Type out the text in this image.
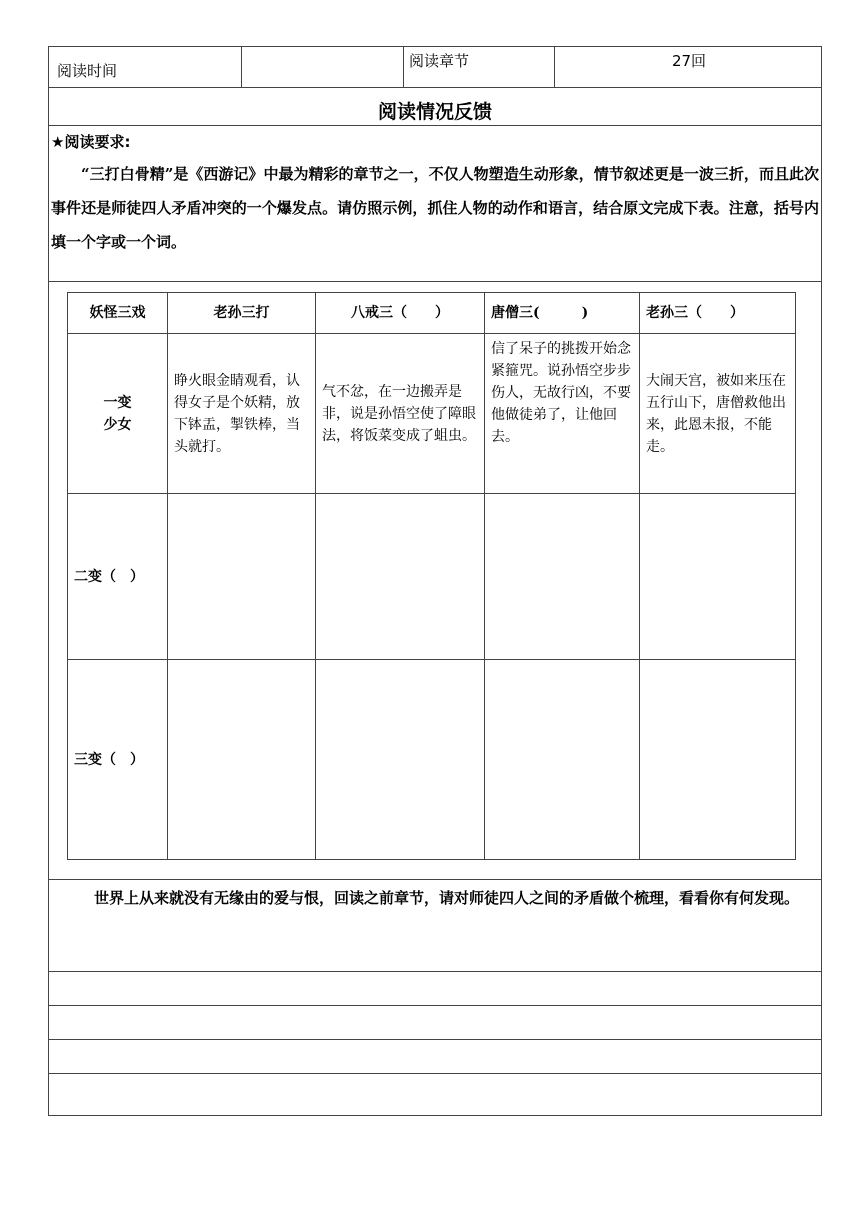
阅读时间
阅读章节	27回
阅读情况反馈
★阅读要求:
“三打白骨精”是《西游记》中最为精彩的章节之一，不仅人物塑造生动形象，情节叙述更是一波三折，而且此次事件还是师徒四人矛盾冲突的一个爆发点。请仿照示例，抓住人物的动作和语言，结合原文完成下表。注意，括号内填一个字或一个词。
妖怪三戏	老孙三打	八戒三（　　）	唐僧三(　　　)	老孙三（　　）

一变
少女	睁火眼金睛观看，认得女子是个妖精，放下钵盂，掣铁棒，当头就打。	气不忿，在一边搬弄是非，说是孙悟空使了障眼法，将饭菜变成了蛆虫。	信了呆子的挑拨开始念紧箍咒。说孙悟空步步伤人，无故行凶，不要他做徒弟了，让他回去。	大闹天宫，被如来压在五行山下，唐僧救他出来，此恩未报，不能走。
二变（　）				
三变（　）				
世界上从来就没有无缘由的爱与恨，回读之前章节，请对师徒四人之间的矛盾做个梳理，看看你有何发现。
